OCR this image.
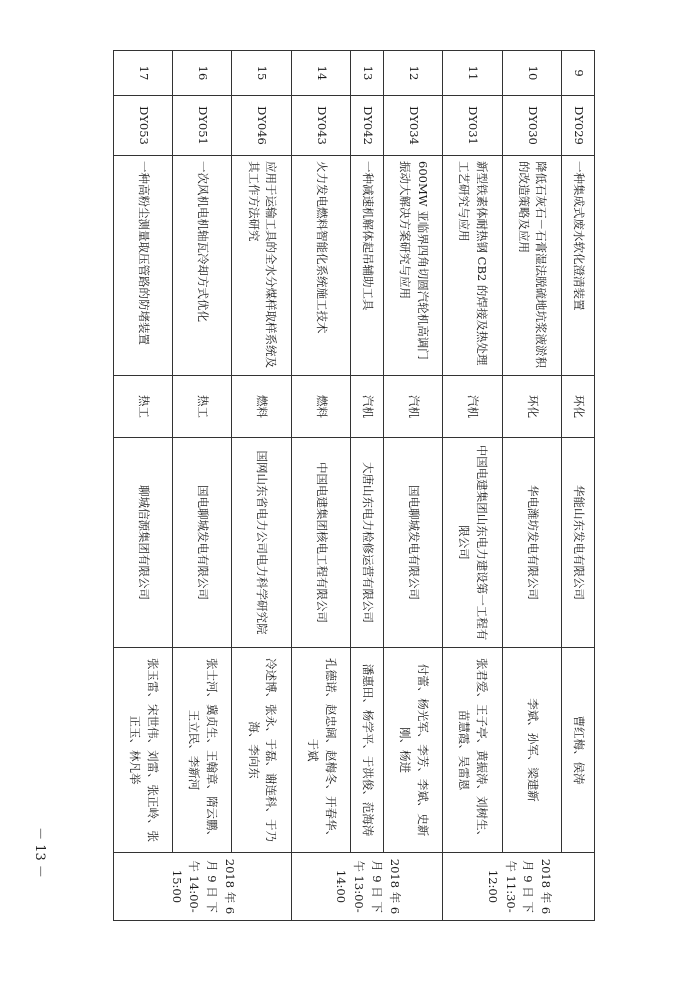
9	DY029	一种集成式废水软化澄清装置	环化	华能山东发电有限公司	曹红梅、侯涛	2018 年 6 月 9 日 下午 11:30-12:00
10	DY030	降低石灰石－石膏湿法脱硫地坑浆液淤积的改造策略及应用	环化	华电潍坊发电有限公司	李斌、孙军、梁建新	
11	DY031	新型铁素体耐热钢 CB2 的焊接及热处理工艺研究与应用	汽机	中国电建集团山东电力建设第一工程有限公司	张君爱、王子亭、黄振涛、刘树生、苗慧霞、吴雷恩	
12	DY034	600MW 亚临界四角切圆汽轮机高调门振动大解决方案研究与应用	汽机	国电聊城发电有限公司	付蕾、杨光军、李芳、李斌、史新刚、杨进	2018 年 6 月 9 日 下午 13:00-14:00
13	DY042	一种减速机解体起吊辅助工具	汽机	大唐山东电力检修运营有限公司	潘惠田、杨学平、于洪俊、范海涛	
14	DY043	火力发电燃料智能化系统施工技术	燃料	中国电建集团核电工程有限公司	孔德诺、赵忠阔、赵梅冬、开春华、于斌	
15	DY046	应用于运输工具的全水分煤样取样系统及其工作方法研究	燃料	国网山东省电力公司电力科学研究院	冷述博、张永、于磊、谢连科、于乃海、李向东	2018 年 6 月 9 日 下午 14:00-15:00
16	DY051	一次风机电机轴瓦冷却方式优化	热工	国电聊城发电有限公司	张士河、冀贞生、王翰章、隋云鹏、王立民、李新河	
17	DY053	一种高粉尘测量取压管路的防堵装置	热工	聊城信源集团有限公司	张玉雷、宋世伟、刘雷、张正岭、张正玉、林凡举	
－ 13 －
